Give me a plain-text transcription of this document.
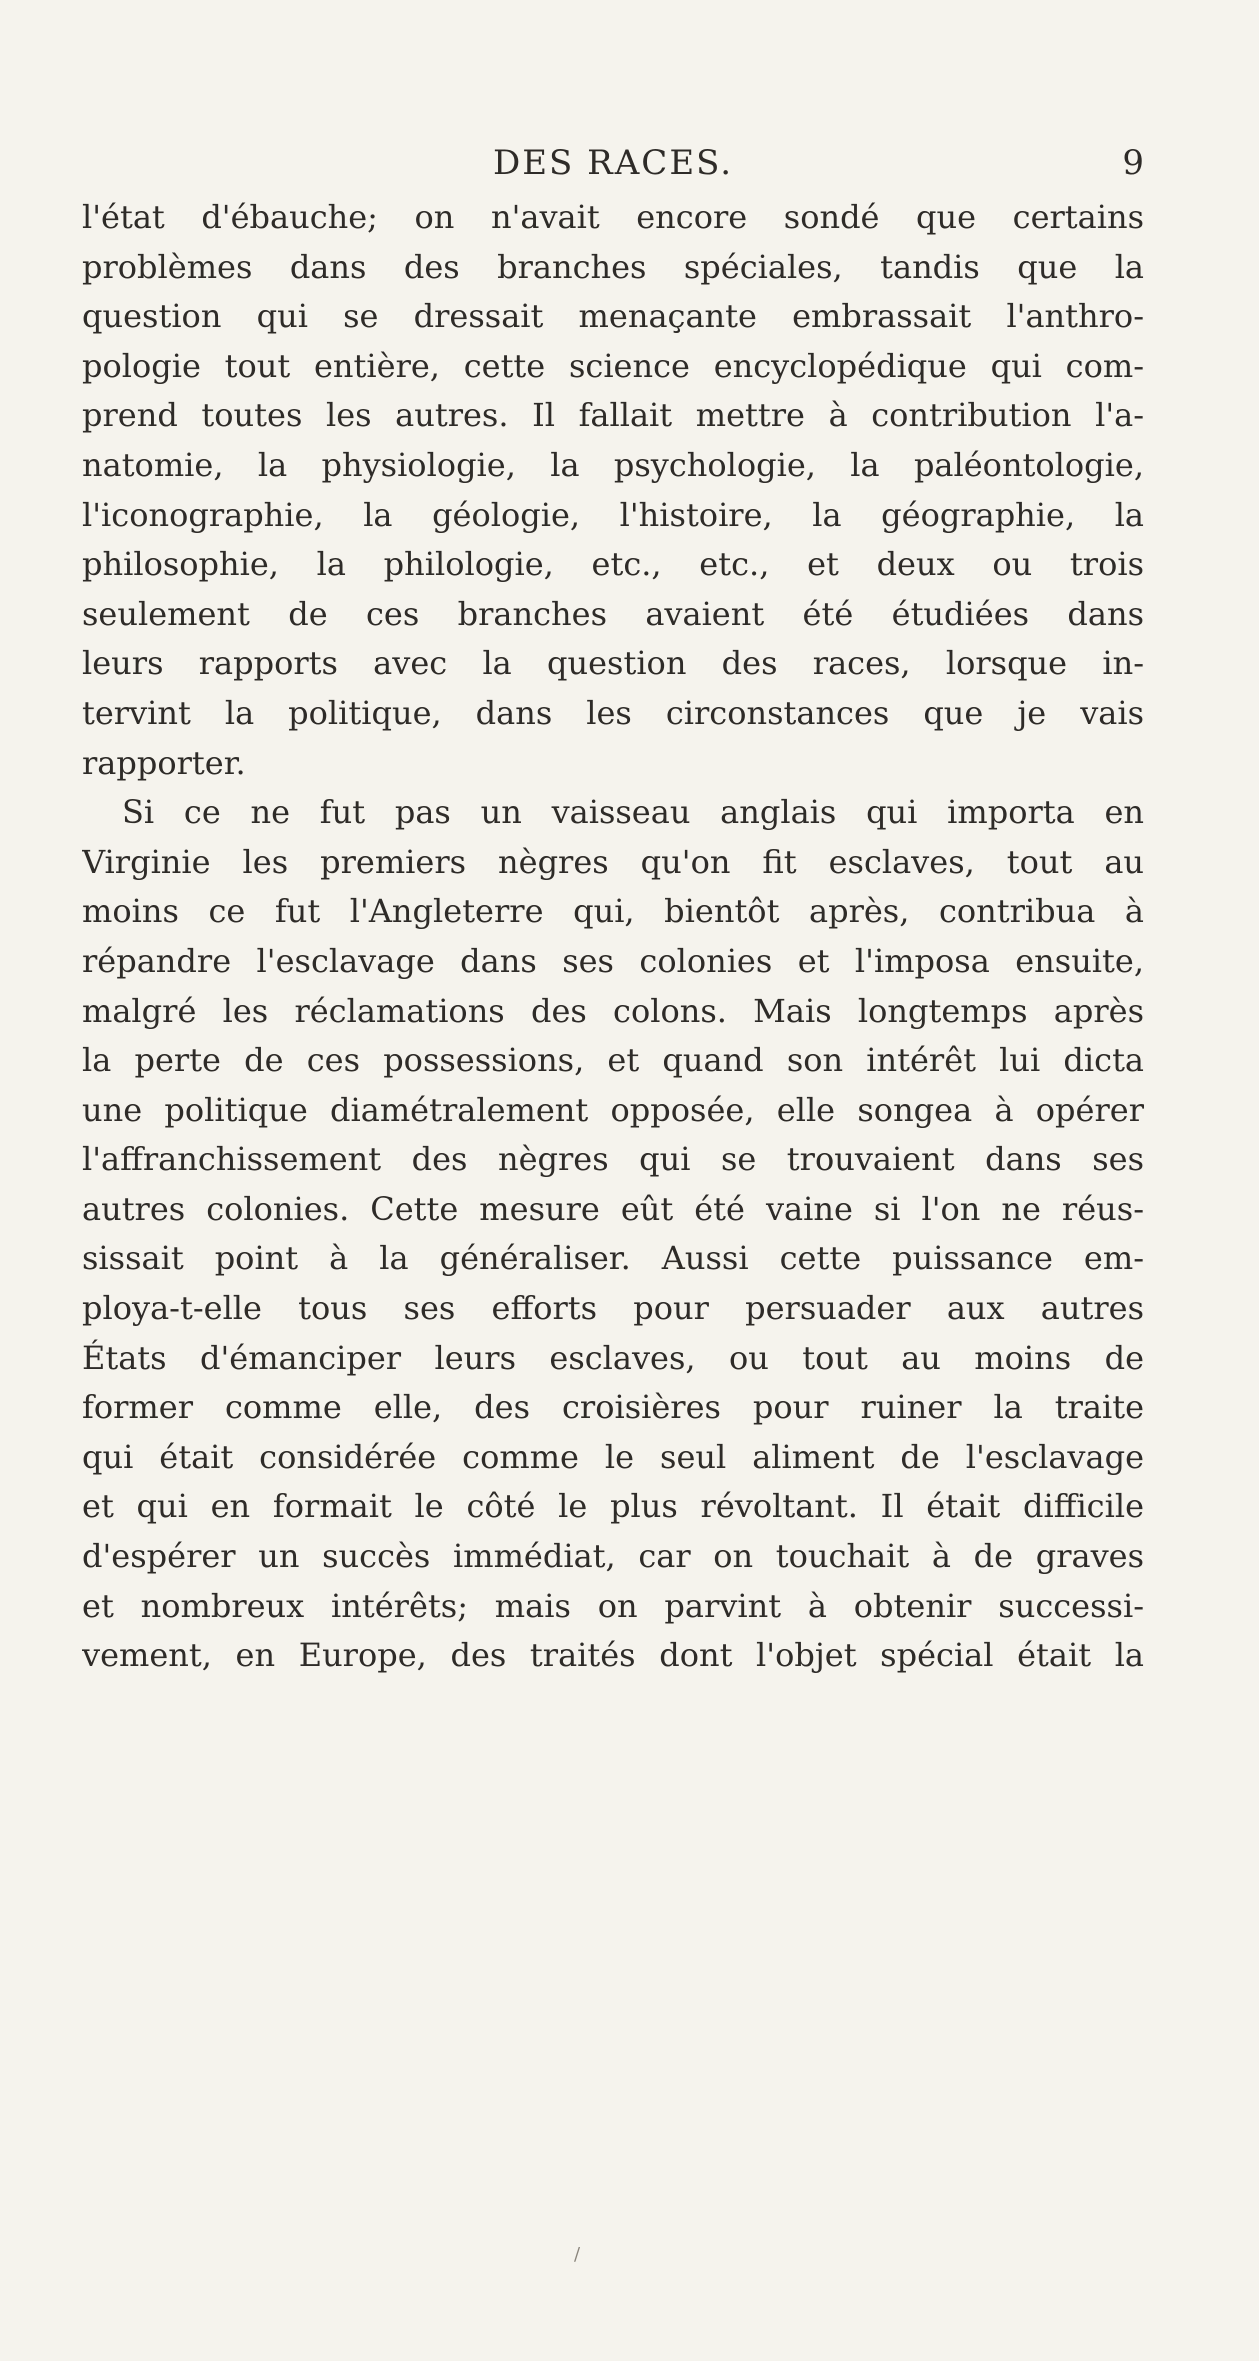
DES RACES.	9
l'état d'ébauche; on n'avait encore sondé que certains
problèmes dans des branches spéciales, tandis que la
question qui se dressait menaçante embrassait l'anthro-
pologie tout entière, cette science encyclopédique qui com-
prend toutes les autres. Il fallait mettre à contribution l'a-
natomie, la physiologie, la psychologie, la paléontologie,
l'iconographie, la géologie, l'histoire, la géographie, la
philosophie, la philologie, etc., etc., et deux ou trois
seulement de ces branches avaient été étudiées dans
leurs rapports avec la question des races, lorsque in-
tervint la politique, dans les circonstances que je vais
rapporter.
Si ce ne fut pas un vaisseau anglais qui importa en
Virginie les premiers nègres qu'on fit esclaves, tout au
moins ce fut l'Angleterre qui, bientôt après, contribua à
répandre l'esclavage dans ses colonies et l'imposa ensuite,
malgré les réclamations des colons. Mais longtemps après
la perte de ces possessions, et quand son intérêt lui dicta
une politique diamétralement opposée, elle songea à opérer
l'affranchissement des nègres qui se trouvaient dans ses
autres colonies. Cette mesure eût été vaine si l'on ne réus-
sissait point à la généraliser. Aussi cette puissance em-
ploya-t-elle tous ses efforts pour persuader aux autres
États d'émanciper leurs esclaves, ou tout au moins de
former comme elle, des croisières pour ruiner la traite
qui était considérée comme le seul aliment de l'esclavage
et qui en formait le côté le plus révoltant. Il était difficile
d'espérer un succès immédiat, car on touchait à de graves
et nombreux intérêts; mais on parvint à obtenir successi-
vement, en Europe, des traités dont l'objet spécial était la
/
